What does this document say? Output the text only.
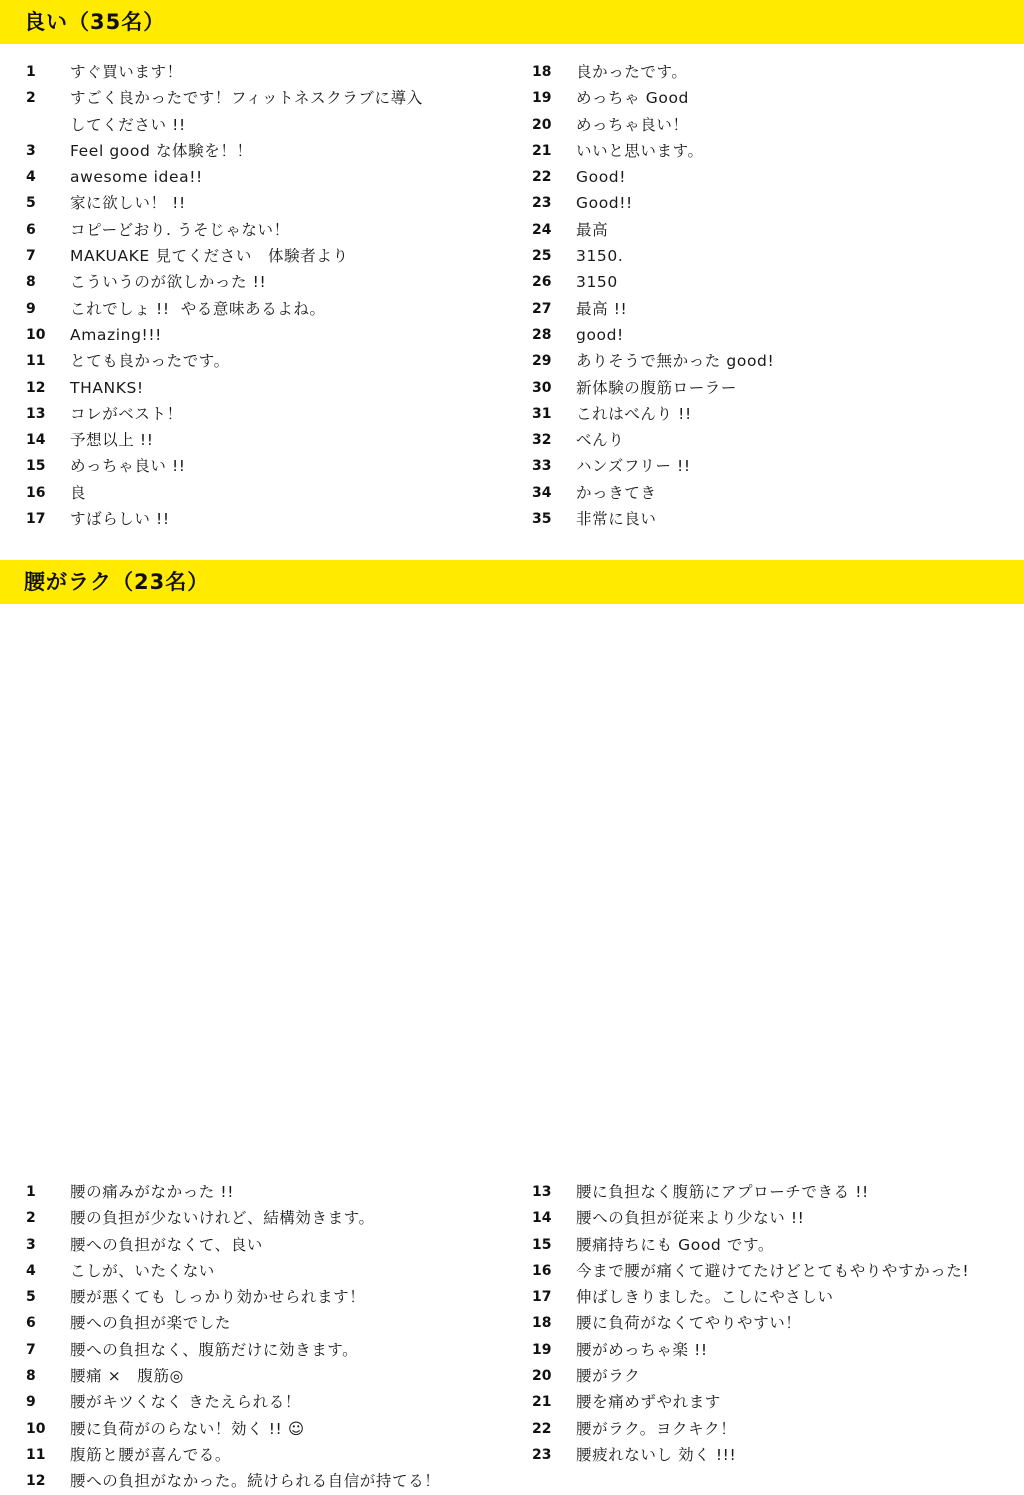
良い（35名）
1	すぐ買います！
2	すごく良かったです！フィットネスクラブに導入
してください !!
3	Feel good な体験を！！
4	awesome idea!!
5	家に欲しい！ !!
6	コピーどおり. うそじゃない！
7	MAKUAKE 見てください　体験者より
8	こういうのが欲しかった !!
9	これでしょ !!  やる意味あるよね。
10	Amazing!!!
11	とても良かったです。
12	THANKS!
13	コレがベスト！
14	予想以上 !!
15	めっちゃ良い !!
16	良
17	すばらしい !!
18	良かったです。
19	めっちゃ Good
20	めっちゃ良い！
21	いいと思います。
22	Good!
23	Good!!
24	最高
25	3150.
26	3150
27	最高 !!
28	good!
29	ありそうで無かった good!
30	新体験の腹筋ローラー
31	これはべんり !!
32	べんり
33	ハンズフリー !!
34	かっきてき
35	非常に良い
腰がラク（23名）
1	腰の痛みがなかった !!
2	腰の負担が少ないけれど、結構効きます。
3	腰への負担がなくて、良い
4	こしが、いたくない
5	腰が悪くても しっかり効かせられます！
6	腰への負担が楽でした
7	腰への負担なく、腹筋だけに効きます。
8	腰痛 ×　腹筋◎
9	腰がキツくなく きたえられる！
10	腰に負荷がのらない！効く !! ☺
11	腹筋と腰が喜んでる。
12	腰への負担がなかった。続けられる自信が持てる！
13	腰に負担なく腹筋にアプローチできる !!
14	腰への負担が従来より少ない !!
15	腰痛持ちにも Good です。
16	今まで腰が痛くて避けてたけどとてもやりやすかった!
17	伸ばしきりました。こしにやさしい
18	腰に負荷がなくてやりやすい！
19	腰がめっちゃ楽 !!
20	腰がラク
21	腰を痛めずやれます
22	腰がラク。ヨクキク！
23	腰疲れないし 効く !!!
